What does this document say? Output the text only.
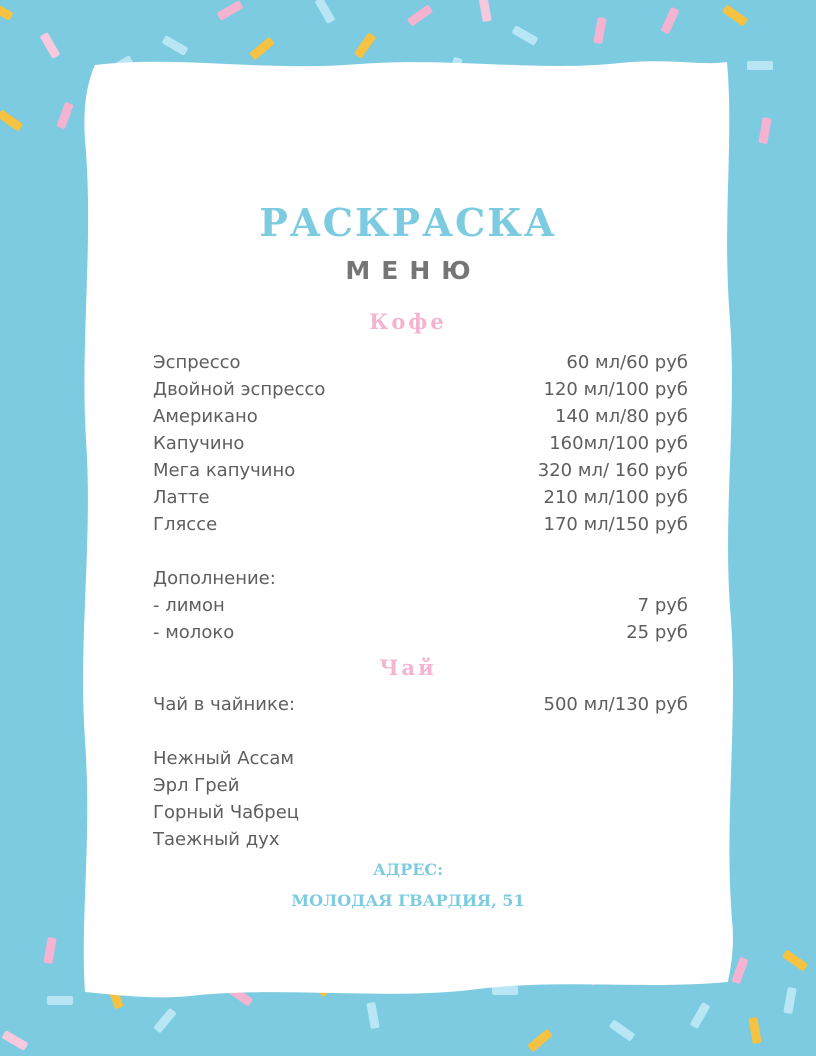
РАСКРАСКА
МЕНЮ
Кофе
Эспрессо	60 мл/60 руб
Двойной эспрессо	120 мл/100 руб
Американо	140 мл/80 руб
Капучино	160мл/100 руб
Мега капучино	320 мл/ 160 руб
Латте	210 мл/100 руб
Гляссе	170 мл/150 руб
Дополнение:
- лимон	7 руб
- молоко	25 руб
Чай
Чай в чайнике:	500 мл/130 руб
Нежный Ассам
Эрл Грей
Горный Чабрец
Таежный дух

АДРЕС:

МОЛОДАЯ ГВАРДИЯ, 51
